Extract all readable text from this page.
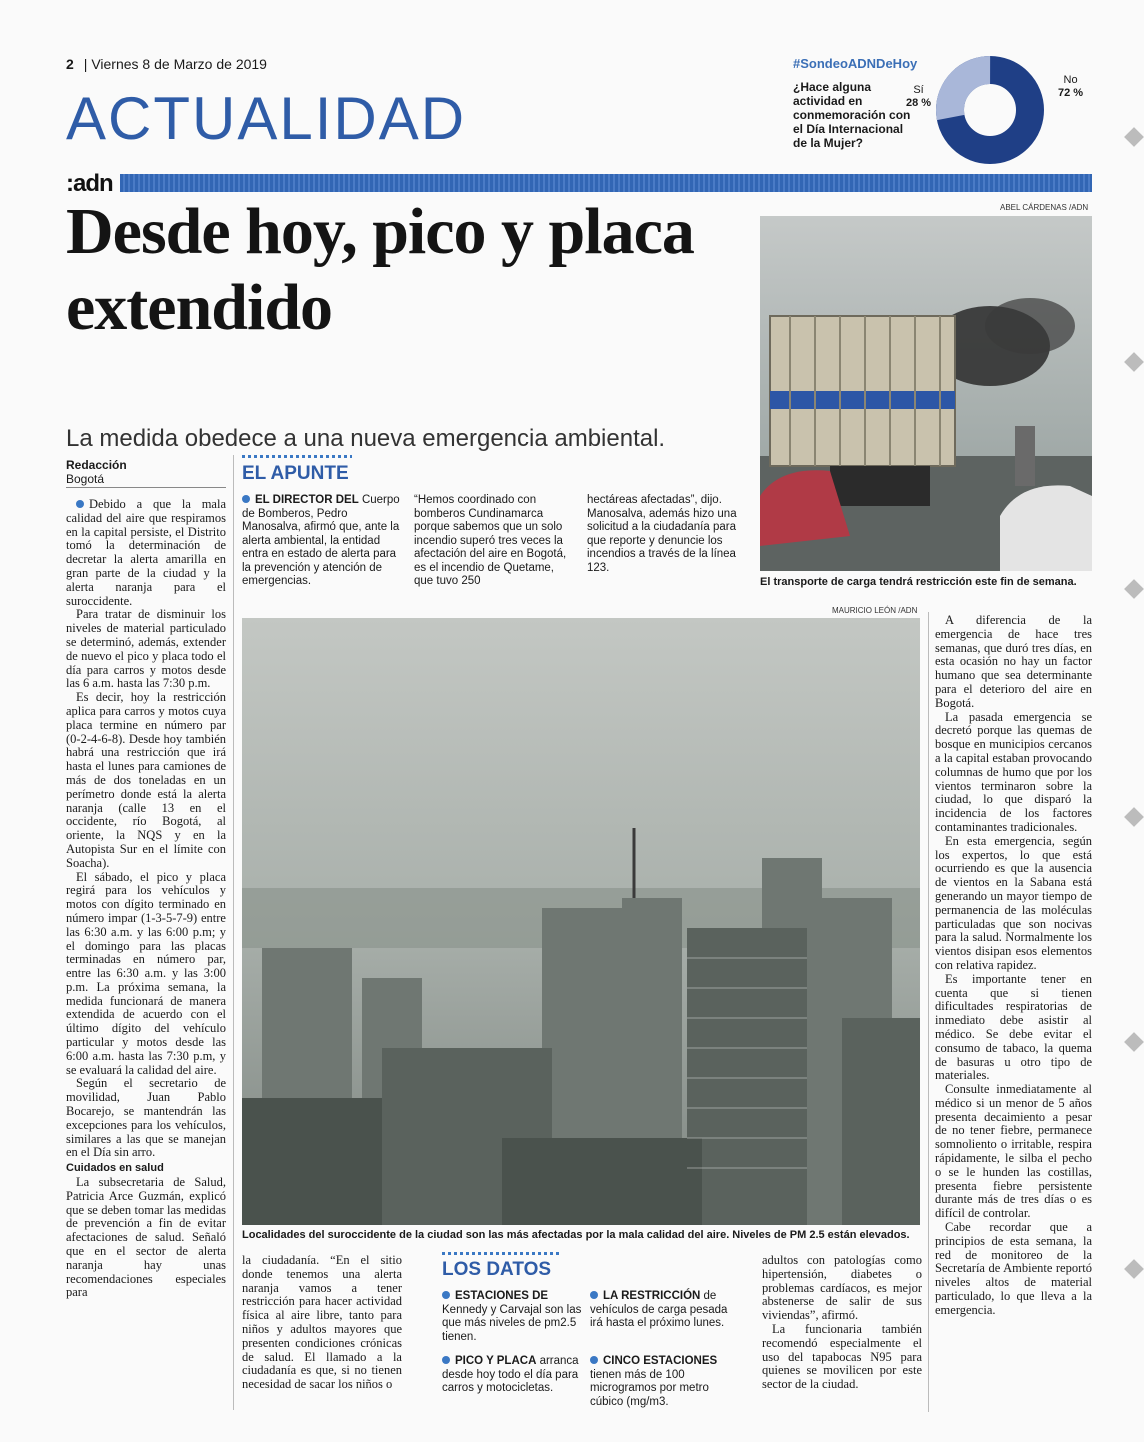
2 | Viernes 8 de Marzo de 2019
ACTUALIDAD
#SondeoADNDeHoy
¿Hace alguna actividad en conmemoración con el Día Internacional de la Mujer?
Sí
28 %
No
72 %
:adn
Desde hoy, pico y placa extendido
La medida obedece a una nueva emergencia ambiental.
ABEL CÁRDENAS /ADN
El transporte de carga tendrá restricción este fin de semana.
Redacción
Bogotá

Debido a que la mala calidad del aire que respiramos en la capital persiste, el Distrito tomó la determinación de decretar la alerta amarilla en gran parte de la ciudad y la alerta naranja para el suroccidente.

Para tratar de disminuir los niveles de material particulado se determinó, además, extender de nuevo el pico y placa todo el día para carros y motos desde las 6 a.m. hasta las 7:30 p.m.

Es decir, hoy la restricción aplica para carros y motos cuya placa termine en número par (0-2-4-6-8). Desde hoy también habrá una restricción que irá hasta el lunes para camiones de más de dos toneladas en un perímetro donde está la alerta naranja (calle 13 en el occidente, río Bogotá, al oriente, la NQS y en la Autopista Sur en el límite con Soacha).

El sábado, el pico y placa regirá para los vehículos y motos con dígito terminado en número impar (1-3-5-7-9) entre las 6:30 a.m. y las 6:00 p.m; y el domingo para las placas terminadas en número par, entre las 6:30 a.m. y las 3:00 p.m. La próxima semana, la medida funcionará de manera extendida de acuerdo con el último dígito del vehículo particular y motos desde las 6:00 a.m. hasta las 7:30 p.m, y se evaluará la calidad del aire.

Según el secretario de movilidad, Juan Pablo Bocarejo, se mantendrán las excepciones para los vehículos, similares a las que se manejan en el Día sin arro.

Cuidados en salud

La subsecretaria de Salud, Patricia Arce Guzmán, explicó que se deben tomar las medidas de prevención a fin de evitar afectaciones de salud. Señaló que en el sector de alerta naranja hay unas recomendaciones especiales para

EL APUNTE
EL DIRECTOR DEL Cuerpo de Bomberos, Pedro Manosalva, afirmó que, ante la alerta ambiental, la entidad entra en estado de alerta para la prevención y atención de emergencias.
“Hemos coordinado con bomberos Cundinamarca porque sabemos que un solo incendio superó tres veces la afectación del aire en Bogotá, es el incendio de Quetame, que tuvo 250
hectáreas afectadas”, dijo. Manosalva, además hizo una solicitud a la ciudadanía para que reporte y denuncie los incendios a través de la línea 123.
MAURICIO LEÓN /ADN
Localidades del suroccidente de la ciudad son las más afectadas por la mala calidad del aire. Niveles de PM 2.5 están elevados.

la ciudadanía. “En el sitio donde tenemos una alerta naranja vamos a tener restricción para hacer actividad física al aire libre, tanto para niños y adultos mayores que presenten condiciones crónicas de salud. El llamado a la ciudadanía es que, si no tienen necesidad de sacar los niños o

LOS DATOS
ESTACIONES DE Kennedy y Carvajal son las que más niveles de pm2.5 tienen.
LA RESTRICCIÓN de vehículos de carga pesada irá hasta el próximo lunes.
PICO Y PLACA arranca desde hoy todo el día para carros y motocicletas.
CINCO ESTACIONES tienen más de 100 microgramos por metro cúbico (mg/m3.

adultos con patologías como hipertensión, diabetes o problemas cardíacos, es mejor abstenerse de salir de sus viviendas”, afirmó.

La funcionaria también recomendó especialmente el uso del tapabocas N95 para quienes se movilicen por este sector de la ciudad.

A diferencia de la emergencia de hace tres semanas, que duró tres días, en esta ocasión no hay un factor humano que sea determinante para el deterioro del aire en Bogotá.

La pasada emergencia se decretó porque las quemas de bosque en municipios cercanos a la capital estaban provocando columnas de humo que por los vientos terminaron sobre la ciudad, lo que disparó la incidencia de los factores contaminantes tradicionales.

En esta emergencia, según los expertos, lo que está ocurriendo es que la ausencia de vientos en la Sabana está generando un mayor tiempo de permanencia de las moléculas particuladas que son nocivas para la salud. Normalmente los vientos disipan esos elementos con relativa rapidez.

Es importante tener en cuenta que si tienen dificultades respiratorias de inmediato debe asistir al médico. Se debe evitar el consumo de tabaco, la quema de basuras u otro tipo de materiales.

Consulte inmediatamente al médico si un menor de 5 años presenta decaimiento a pesar de no tener fiebre, permanece somnoliento o irritable, respira rápidamente, le silba el pecho o se le hunden las costillas, presenta fiebre persistente durante más de tres días o es difícil de controlar.

Cabe recordar que a principios de esta semana, la red de monitoreo de la Secretaría de Ambiente reportó niveles altos de material particulado, lo que lleva a la emergencia.
